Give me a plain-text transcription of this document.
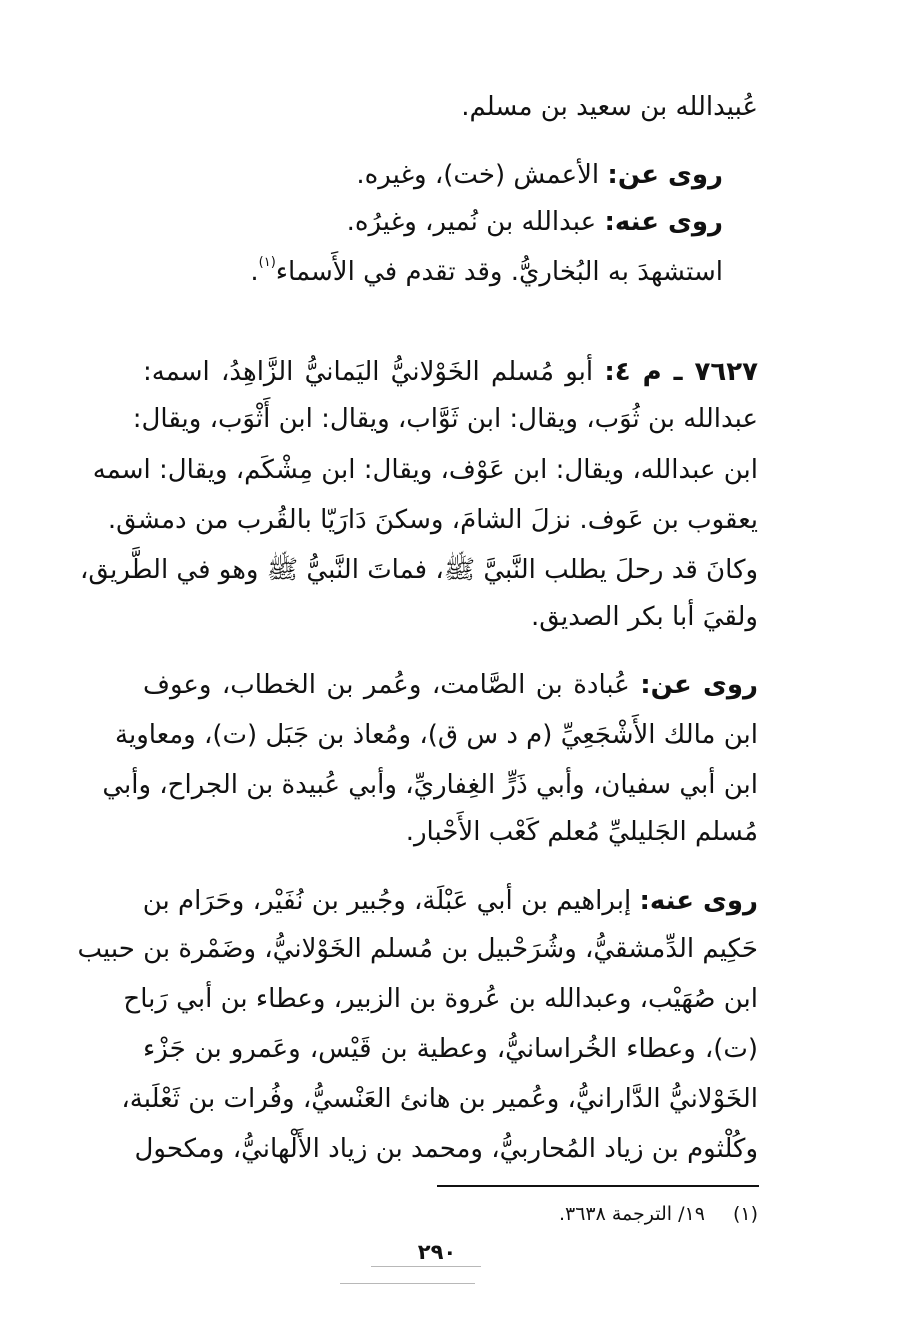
عُبيدالله بن سعيد بن مسلم.
روى عن: الأعمش (خت)، وغيره.
روى عنه: عبدالله بن نُمير، وغيرُه.
استشهدَ به البُخاريُّ. وقد تقدم في الأَسماء$^{(١)}$.
٧٦٢٧ ـ م ٤: أبو مُسلم الخَوْلانيُّ اليَمانيُّ الزَّاهِدُ، اسمه:
عبدالله بن ثُوَب، ويقال: ابن ثَوَّاب، ويقال: ابن أَثْوَب، ويقال:
ابن عبدالله، ويقال: ابن عَوْف، ويقال: ابن مِشْكَم، ويقال: اسمه
يعقوب بن عَوف. نزلَ الشامَ، وسكنَ دَارَيّا بالقُرب من دمشق.
وكانَ قد رحلَ يطلب النَّبيَّ ﷺ، فماتَ النَّبيُّ ﷺ وهو في الطَّريق،
ولقيَ أبا بكر الصديق.
روى عن: عُبادة بن الصَّامت، وعُمر بن الخطاب، وعوف
ابن مالك الأَشْجَعِيِّ (م د س ق)، ومُعاذ بن جَبَل (ت)، ومعاوية
ابن أبي سفيان، وأبي ذَرٍّ الغِفاريِّ، وأبي عُبيدة بن الجراح، وأبي
مُسلم الجَليليِّ مُعلم كَعْب الأَحْبار.
روى عنه: إبراهيم بن أبي عَبْلَة، وجُبير بن نُفَيْر، وحَرَام بن
حَكِيم الدِّمشقيُّ، وشُرَحْبيل بن مُسلم الخَوْلانيُّ، وضَمْرة بن حبيب
ابن صُهَيْب، وعبدالله بن عُروة بن الزبير، وعطاء بن أبي رَباح
(ت)، وعطاء الخُراسانيُّ، وعطية بن قَيْس، وعَمرو بن جَزْء
الخَوْلانيُّ الدَّارانيُّ، وعُمير بن هانئ العَنْسيُّ، وفُرات بن ثَعْلَبة،
وكُلْثوم بن زياد المُحاربيُّ، ومحمد بن زياد الأَلْهانيُّ، ومكحول
(١)١٩/ الترجمة ٣٦٣٨.
٢٩٠
